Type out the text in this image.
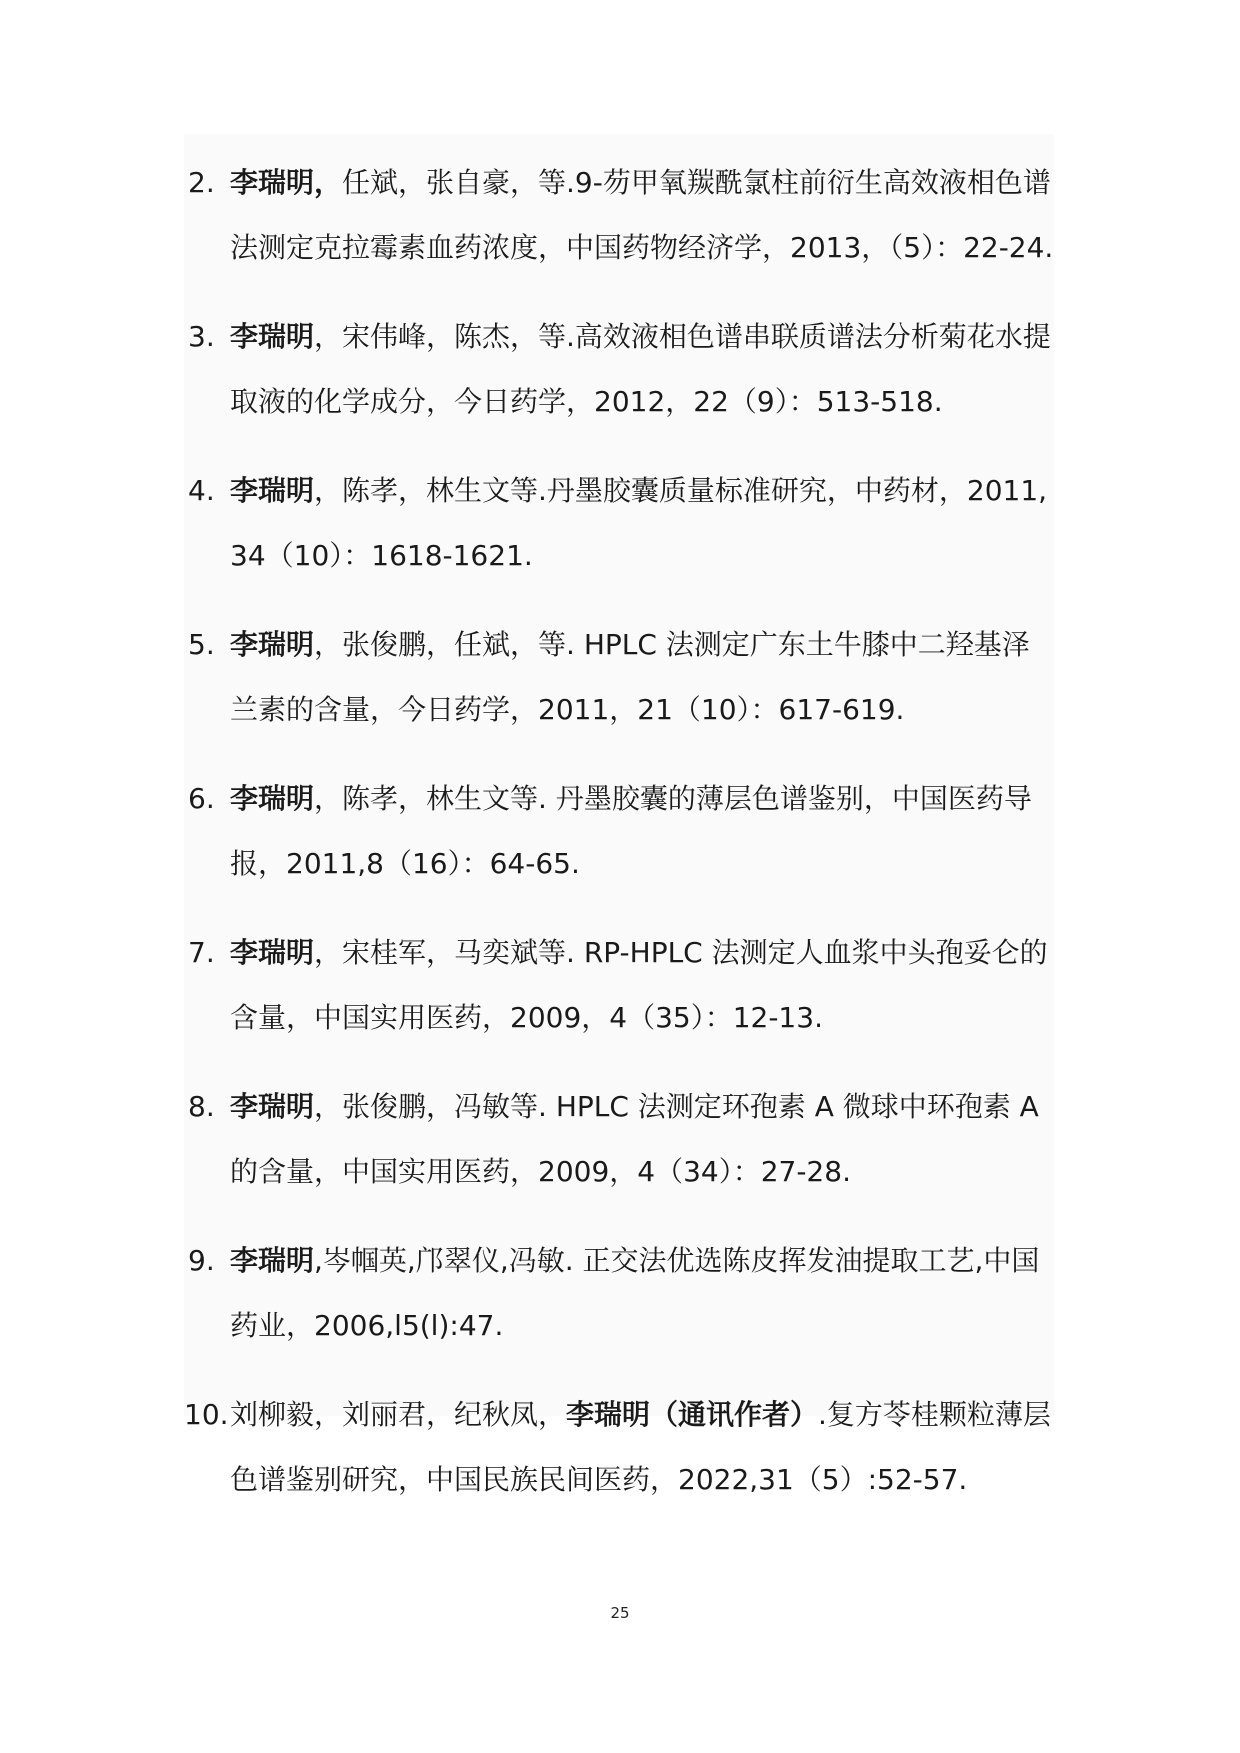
2. 李瑞明，任斌，张自豪，等.9-芴甲氧羰酰氯柱前衍生高效液相色谱法测定克拉霉素血药浓度，中国药物经济学，2013，（5）：22-24.
3. 李瑞明，宋伟峰，陈杰，等.高效液相色谱串联质谱法分析菊花水提取液的化学成分，今日药学，2012，22（9）：513-518.
4. 李瑞明，陈孝，林生文等.丹墨胶囊质量标准研究，中药材，2011,34（10）：1618-1621.
5. 李瑞明，张俊鹏，任斌，等. HPLC 法测定广东土牛膝中二羟基泽兰素的含量，今日药学，2011，21（10）：617-619.
6. 李瑞明，陈孝，林生文等. 丹墨胶囊的薄层色谱鉴别，中国医药导报，2011,8（16）：64-65.
7. 李瑞明，宋桂军，马奕斌等. RP-HPLC 法测定人血浆中头孢妥仑的含量，中国实用医药，2009，4（35）：12-13.
8. 李瑞明，张俊鹏，冯敏等. HPLC 法测定环孢素 A 微球中环孢素 A 的含量，中国实用医药，2009，4（34）：27-28.
9. 李瑞明,岑帼英,邝翠仪,冯敏. 正交法优选陈皮挥发油提取工艺,中国药业，2006,l5(l):47.
10. 刘柳毅，刘丽君，纪秋凤，李瑞明（通讯作者）.复方苓桂颗粒薄层色谱鉴别研究，中国民族民间医药，2022,31（5）:52-57.
25
